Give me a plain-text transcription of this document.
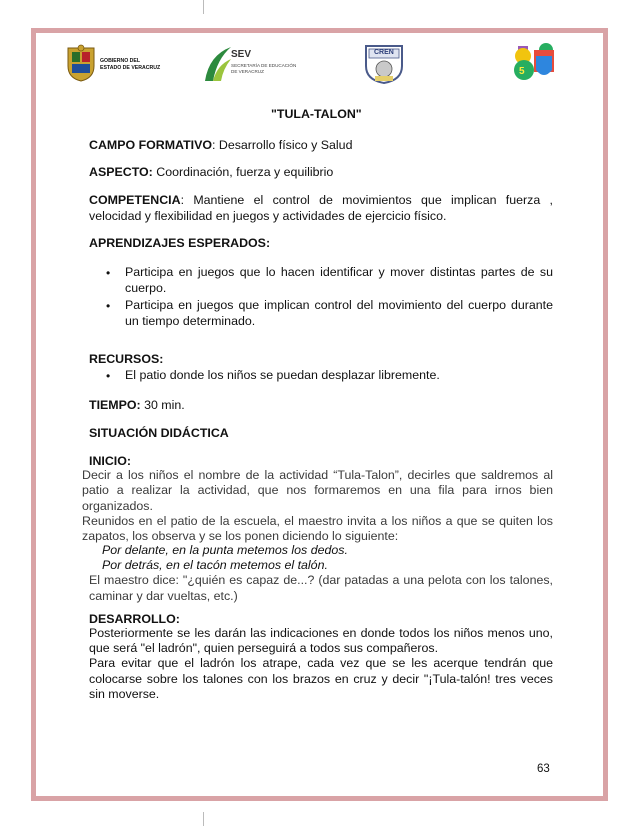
GOBIERNO DEL
ESTADO DE VERACRUZ
SEV
SECRETARÍA DE EDUCACIÓN
DE VERACRUZ
CREN
5
"TULA-TALON"
CAMPO FORMATIVO: Desarrollo físico y Salud
ASPECTO: Coordinación, fuerza y equilibrio
COMPETENCIA: Mantiene el control de movimientos que implican fuerza ,
velocidad y flexibilidad en juegos y actividades de ejercicio físico.
APRENDIZAJES ESPERADOS:
• Participa en juegos que lo hacen identificar y mover distintas partes de su
cuerpo.
• Participa en juegos que implican control del movimiento del cuerpo durante
un tiempo determinado.
RECURSOS:
• El patio donde los niños se puedan desplazar libremente.
TIEMPO: 30 min.
SITUACIÓN DIDÁCTICA
INICIO:
Decir a los niños el nombre de la actividad “Tula-Talon”, decirles que saldremos al
patio a realizar la actividad, que nos formaremos en una fila para irnos bien
organizados.
Reunidos en el patio de la escuela, el maestro invita a los niños a que se quiten los
zapatos, los observa y se los ponen diciendo lo siguiente:
Por delante, en la punta metemos los dedos.
Por detrás, en el tacón metemos el talón.
El maestro dice: "¿quién es capaz de...? (dar patadas a una pelota con los talones,
caminar y dar vueltas, etc.)
DESARROLLO:
Posteriormente se les darán las indicaciones en donde todos los niños menos uno,
que será "el ladrón", quien perseguirá a todos sus compañeros.
Para evitar que el ladrón los atrape, cada vez que se les acerque tendrán que
colocarse sobre los talones con los brazos en cruz y decir "¡Tula-talón! tres veces
sin moverse.
63
